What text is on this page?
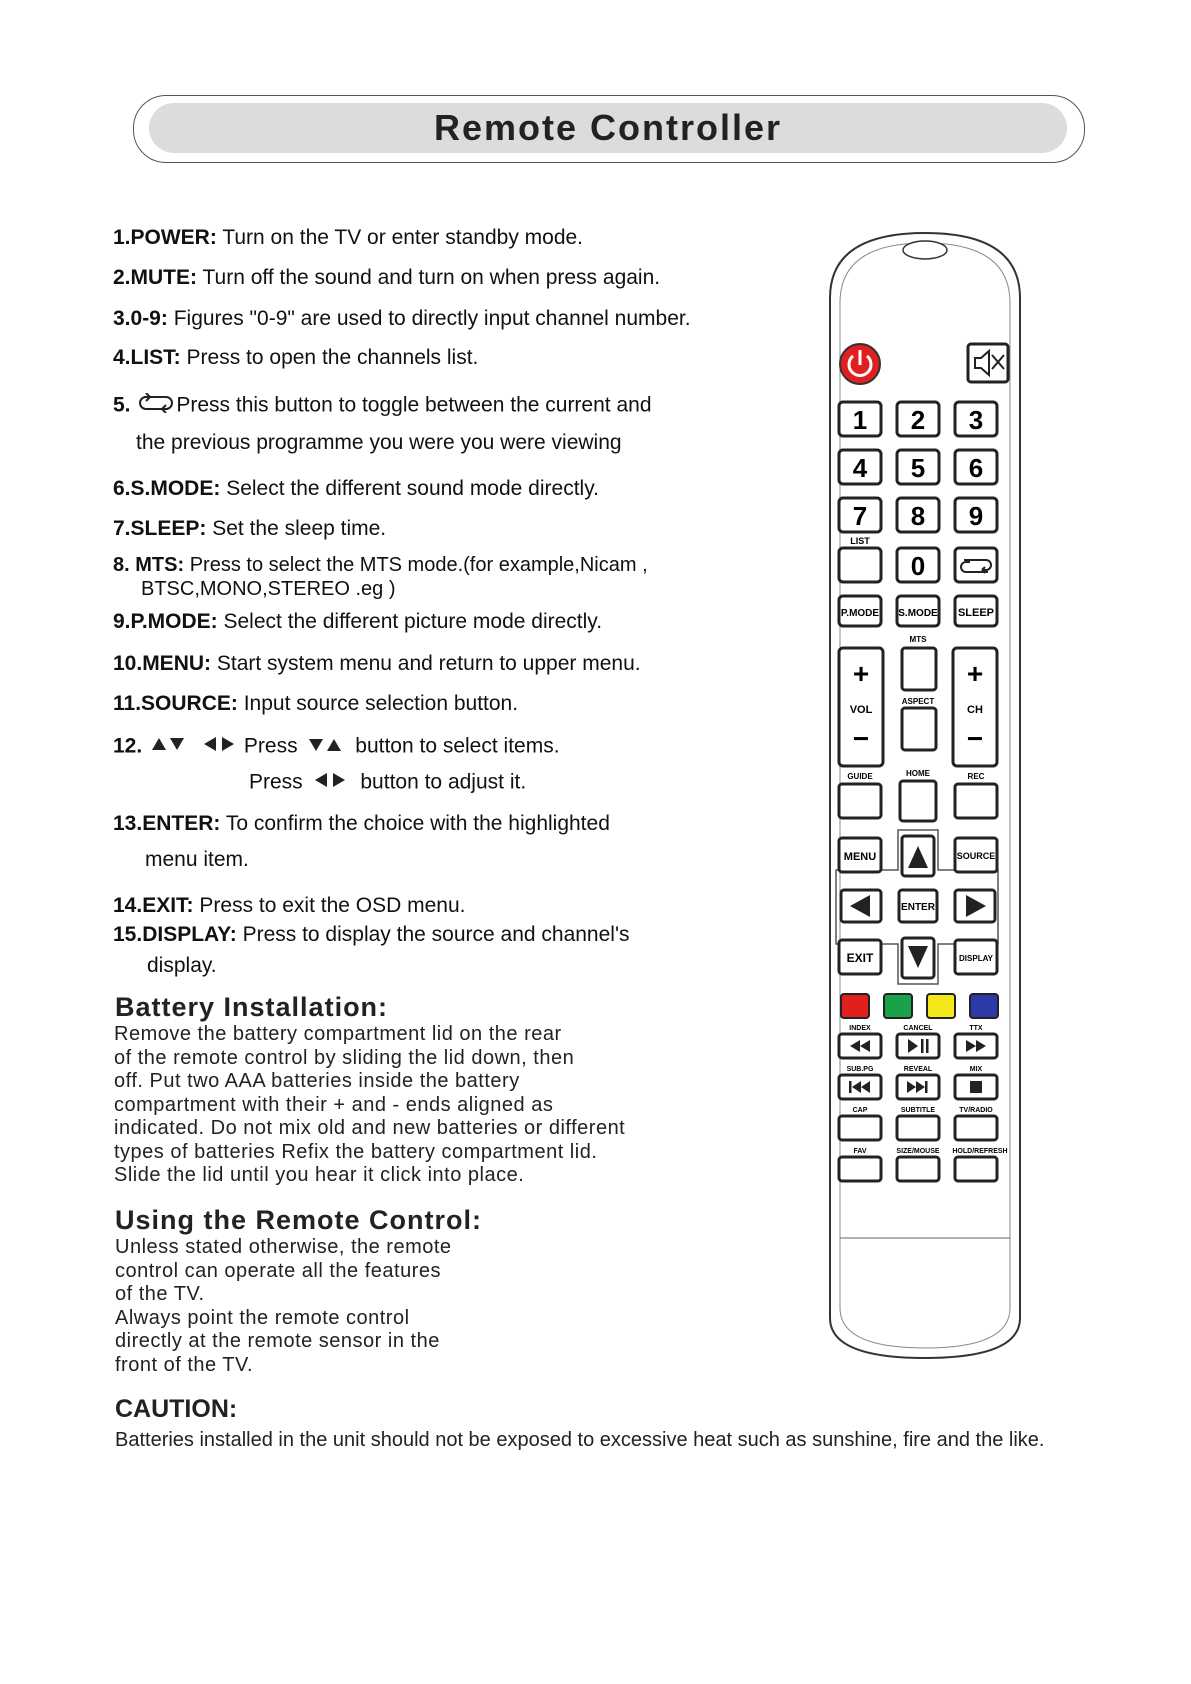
Remote Controller
1.POWER: Turn on the TV or enter standby mode.
2.MUTE: Turn off the sound and turn on when press again.
3.0-9: Figures "0-9" are used to directly input channel number.
4.LIST: Press to open the channels list.
5. Press this button to toggle between the current and
the previous programme you were you were viewing
6.S.MODE: Select the different sound mode directly.
7.SLEEP: Set the sleep time.
8. MTS: Press to select the MTS mode.(for example,Nicam ,
BTSC,MONO,STEREO .eg )
9.P.MODE: Select the different picture mode directly.
10.MENU: Start system menu and return to upper menu.
11.SOURCE: Input source selection button.
12.	Press	button to select items.
Press	button to adjust it.
13.ENTER: To confirm the choice with the highlighted
menu item.
14.EXIT: Press to exit the OSD menu.
15.DISPLAY: Press to display the source and channel's
display.
Battery Installation:
Remove the battery compartment lid on the rear
of the remote control by sliding the lid down, then
off. Put two AAA batteries inside the battery
compartment with their + and - ends aligned as
indicated. Do not mix old and new batteries or different
types of batteries Refix the battery compartment lid.
Slide the lid until you hear it click into place.
Using the Remote Control:
Unless stated otherwise, the remote
control can operate all the features
of the TV.
Always point the remote control
directly at the remote sensor in the
front of the TV.
CAUTION:
Batteries installed in the unit should not be exposed to excessive heat such as sunshine, fire and the like.
1 2 3
4 5 6
7 8 9
LIST
0
P.MODE S.MODE SLEEP
+
VOL
−
+
CH
−
MTS
ASPECT
GUIDE	HOME	REC
MENU	SOURCE
ENTER
EXIT	DISPLAY
INDEX	CANCEL	TTX
SUB.PG	REVEAL	MIX
CAP	SUBTITLE	TV/RADIO
FAV	SIZE/MOUSE HOLD/REFRESH
